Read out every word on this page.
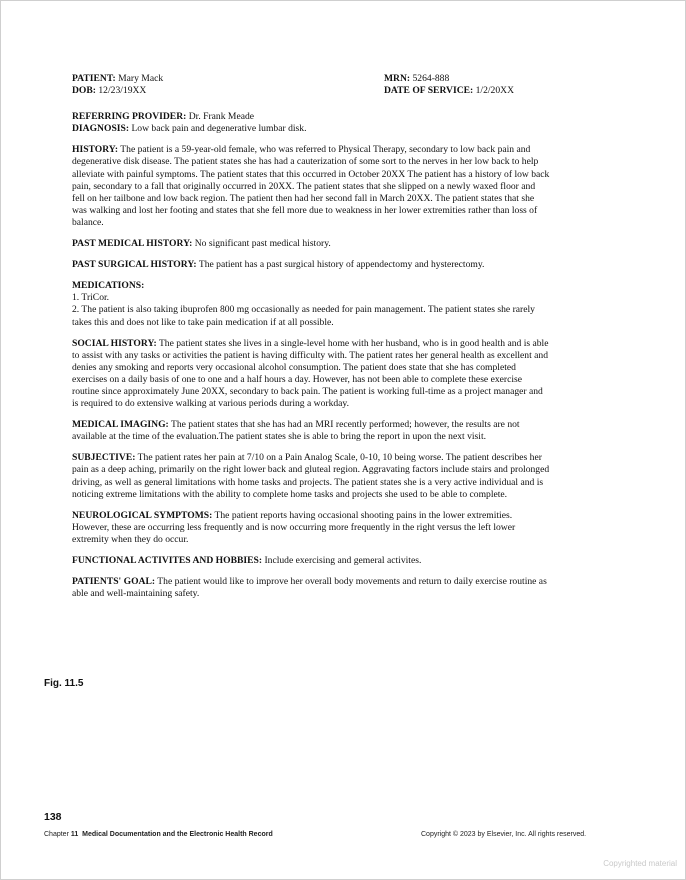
PATIENT: Mary Mack	MRN: 5264-888
DOB: 12/23/19XX	DATE OF SERVICE: 1/2/20XX

REFERRING PROVIDER: Dr. Frank Meade

DIAGNOSIS: Low back pain and degenerative lumbar disk.

HISTORY: The patient is a 59-year-old female, who was referred to Physical Therapy, secondary to low back pain and degenerative disk disease. The patient states she has had a cauterization of some sort to the nerves in her low back to help alleviate with painful symptoms. The patient states that this occurred in October 20XX The patient has a history of low back pain, secondary to a fall that originally occurred in 20XX. The patient states that she slipped on a newly waxed floor and fell on her tailbone and low back region. The patient then had her second fall in March 20XX. The patient states that she was walking and lost her footing and states that she fell more due to weakness in her lower extremities rather than loss of balance.

PAST MEDICAL HISTORY: No significant past medical history.

PAST SURGICAL HISTORY: The patient has a past surgical history of appendectomy and hysterectomy.

MEDICATIONS:

1. TriCor.

2. The patient is also taking ibuprofen 800 mg occasionally as needed for pain management. The patient states she rarely takes this and does not like to take pain medication if at all possible.

SOCIAL HISTORY: The patient states she lives in a single-level home with her husband, who is in good health and is able to assist with any tasks or activities the patient is having difficulty with. The patient rates her general health as excellent and denies any smoking and reports very occasional alcohol consumption. The patient does state that she has completed exercises on a daily basis of one to one and a half hours a day. However, has not been able to complete these exercise routine since approximately June 20XX, secondary to back pain. The patient is working full-time as a project manager and is required to do extensive walking at various periods during a workday.

MEDICAL IMAGING: The patient states that she has had an MRI recently performed; however, the results are not available at the time of the evaluation.The patient states she is able to bring the report in upon the next visit.

SUBJECTIVE: The patient rates her pain at 7/10 on a Pain Analog Scale, 0-10, 10 being worse. The patient describes her pain as a deep aching, primarily on the right lower back and gluteal region. Aggravating factors include stairs and prolonged driving, as well as general limitations with home tasks and projects. The patient states she is a very active individual and is noticing extreme limitations with the ability to complete home tasks and projects she used to be able to complete.

NEUROLOGICAL SYMPTOMS: The patient reports having occasional shooting pains in the lower extremities. However, these are occurring less frequently and is now occurring more frequently in the right versus the left lower extremity when they do occur.

FUNCTIONAL ACTIVITES AND HOBBIES: Include exercising and gemeral activites.

PATIENTS' GOAL: The patient would like to improve her overall body movements and return to daily exercise routine as able and well-maintaining safety.

Fig. 11.5
138
Chapter 11 Medical Documentation and the Electronic Health Record	Copyright © 2023 by Elsevier, Inc. All rights reserved.
Copyrighted material
